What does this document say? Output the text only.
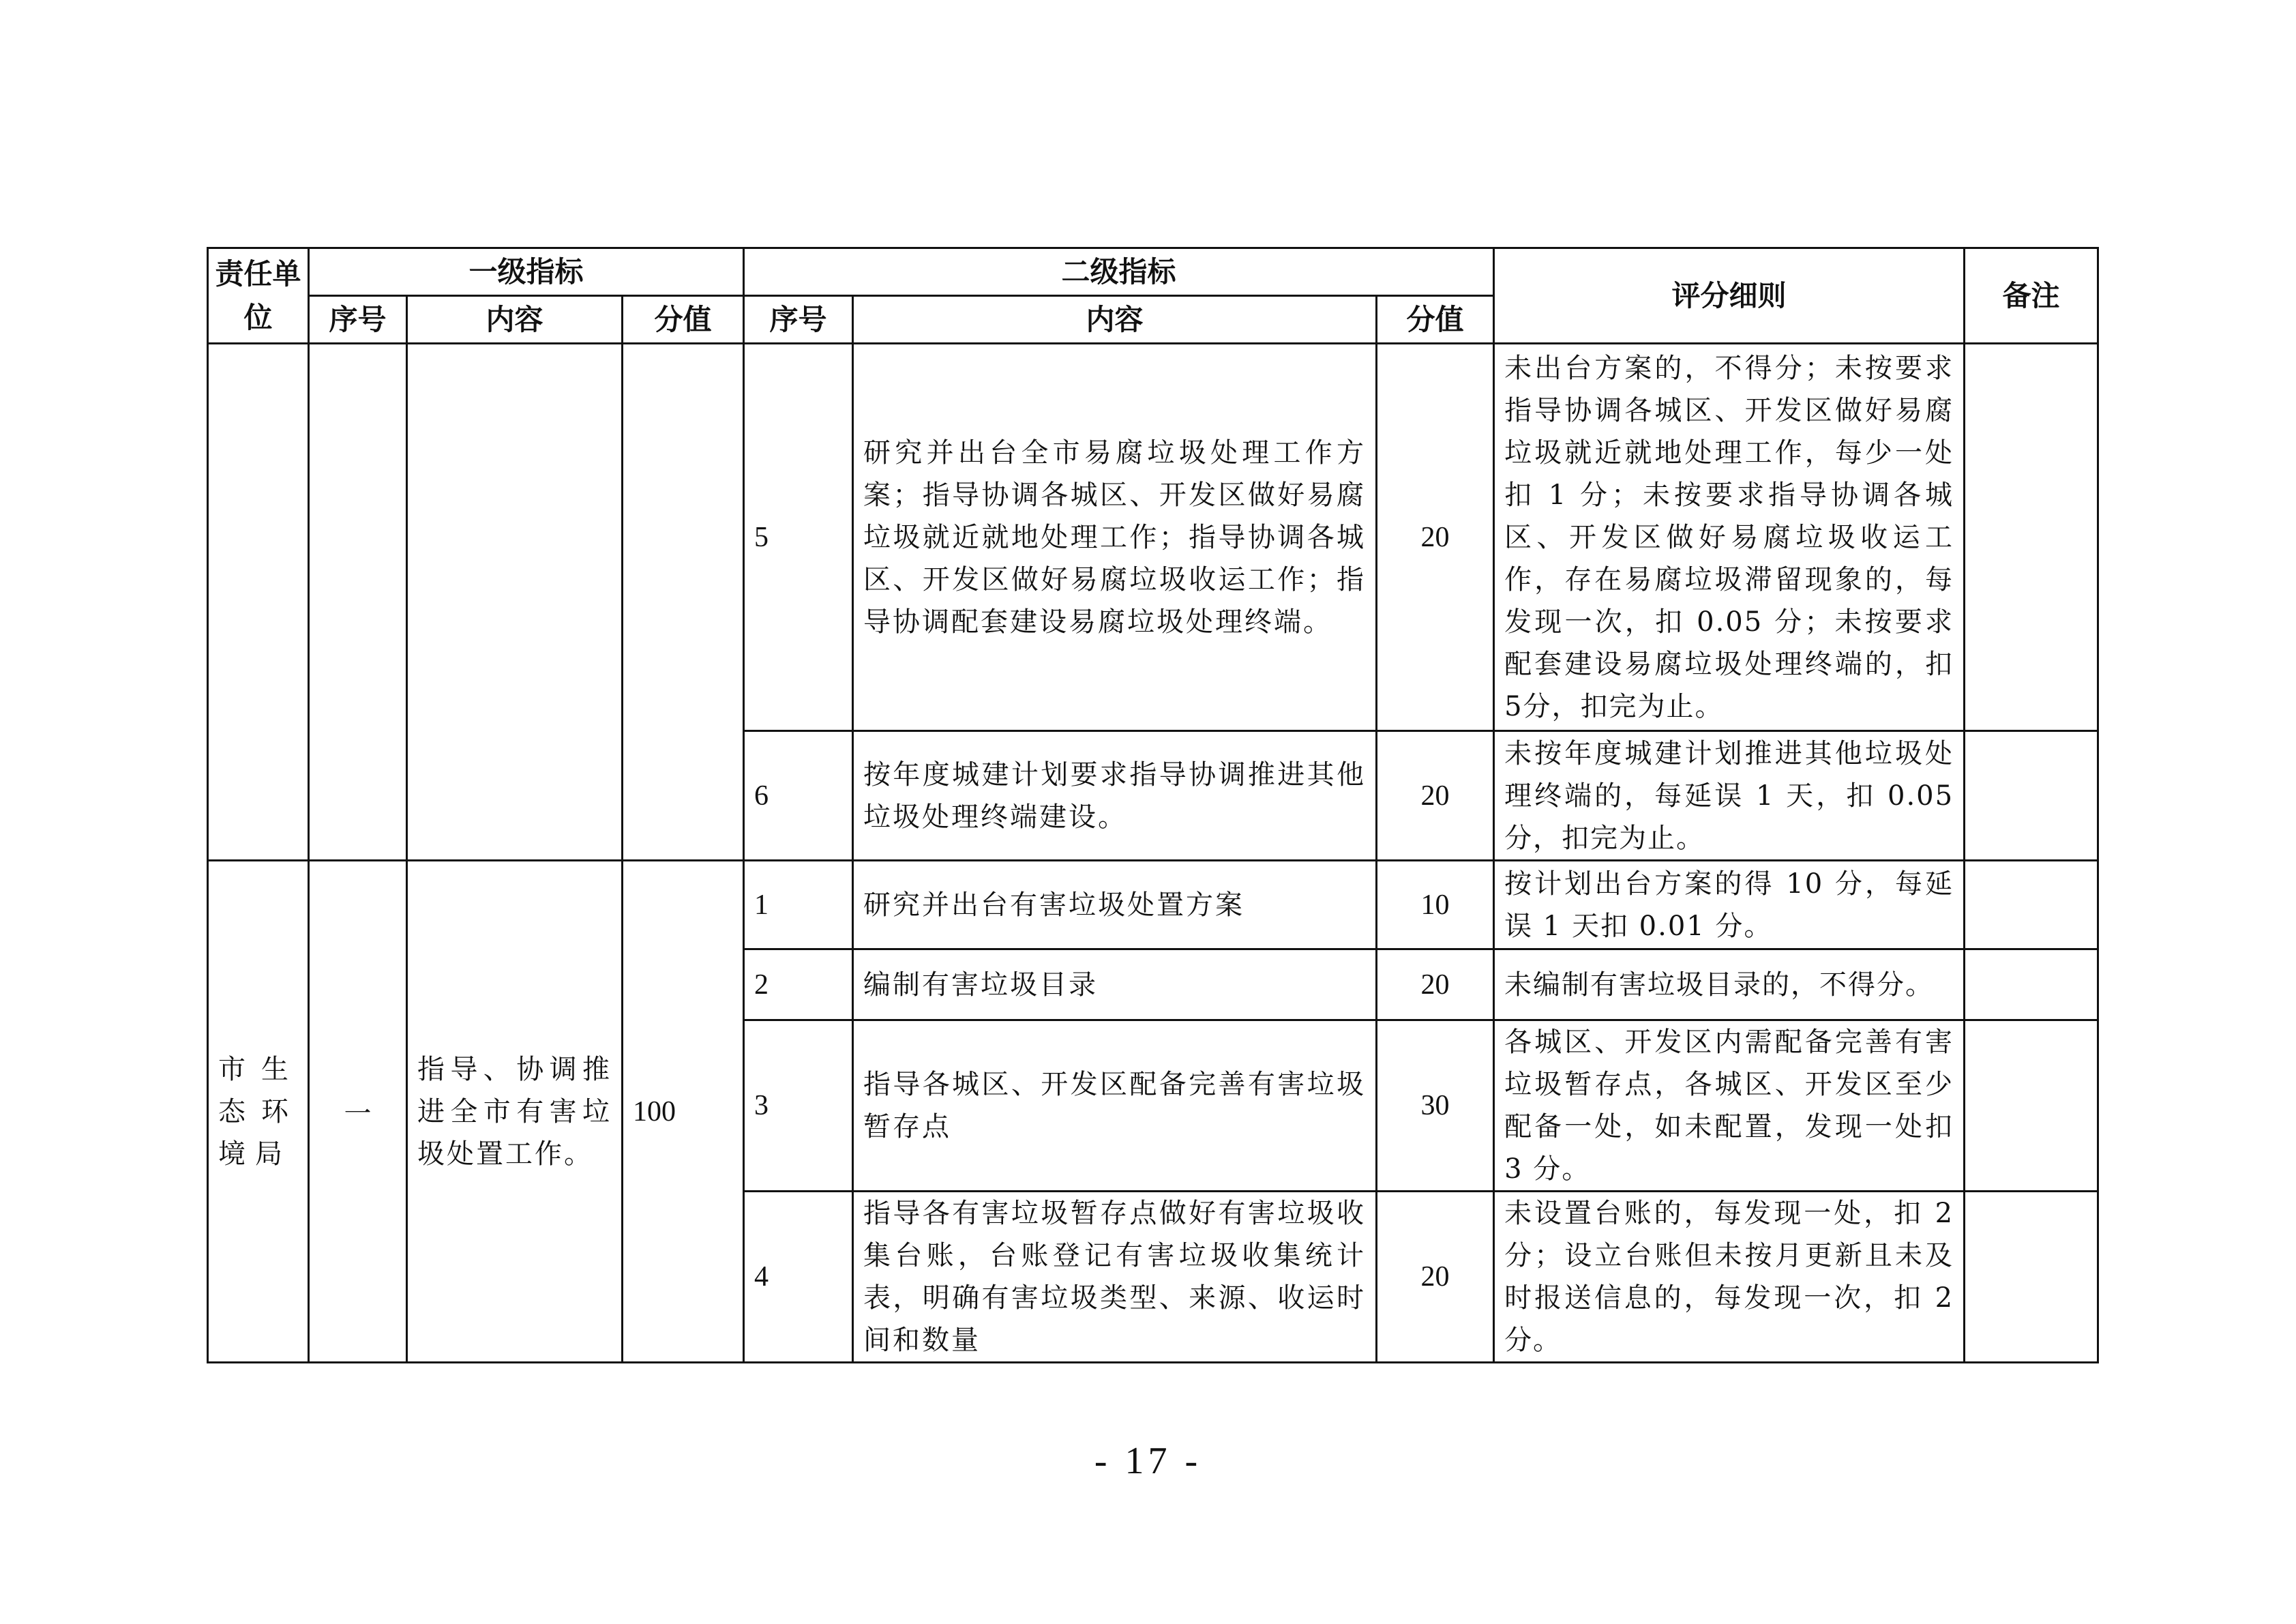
责任单位	一级指标			二级指标			评分细则	备注
	序号	内容	分值	序号	内容	分值		
				5	研究并出台全市易腐垃圾处理工作方案；指导协调各城区、开发区做好易腐垃圾就近就地处理工作；指导协调各城区、开发区做好易腐垃圾收运工作；指导协调配套建设易腐垃圾处理终端。	20	未出台方案的，不得分；未按要求指导协调各城区、开发区做好易腐垃圾就近就地处理工作，每少一处扣 1 分；未按要求指导协调各城区、开发区做好易腐垃圾收运工作，存在易腐垃圾滞留现象的，每发现一次，扣 0.05 分；未按要求配套建设易腐垃圾处理终端的，扣 5分，扣完为止。	
				6	按年度城建计划要求指导协调推进其他垃圾处理终端建设。	20	未按年度城建计划推进其他垃圾处理终端的，每延误 1 天，扣 0.05 分，扣完为止。	
市生态环境局	一	指导、协调推进全市有害垃圾处置工作。	100	1	研究并出台有害垃圾处置方案	10	按计划出台方案的得 10 分，每延误 1 天扣 0.01 分。	
				2	编制有害垃圾目录	20	未编制有害垃圾目录的，不得分。	
				3	指导各城区、开发区配备完善有害垃圾暂存点	30	各城区、开发区内需配备完善有害垃圾暂存点，各城区、开发区至少配备一处，如未配置，发现一处扣 3 分。	
				4	指导各有害垃圾暂存点做好有害垃圾收集台账，台账登记有害垃圾收集统计表，明确有害垃圾类型、来源、收运时间和数量	20	未设置台账的，每发现一处，扣 2 分；设立台账但未按月更新且未及时报送信息的，每发现一次，扣 2 分。	
- 17 -
